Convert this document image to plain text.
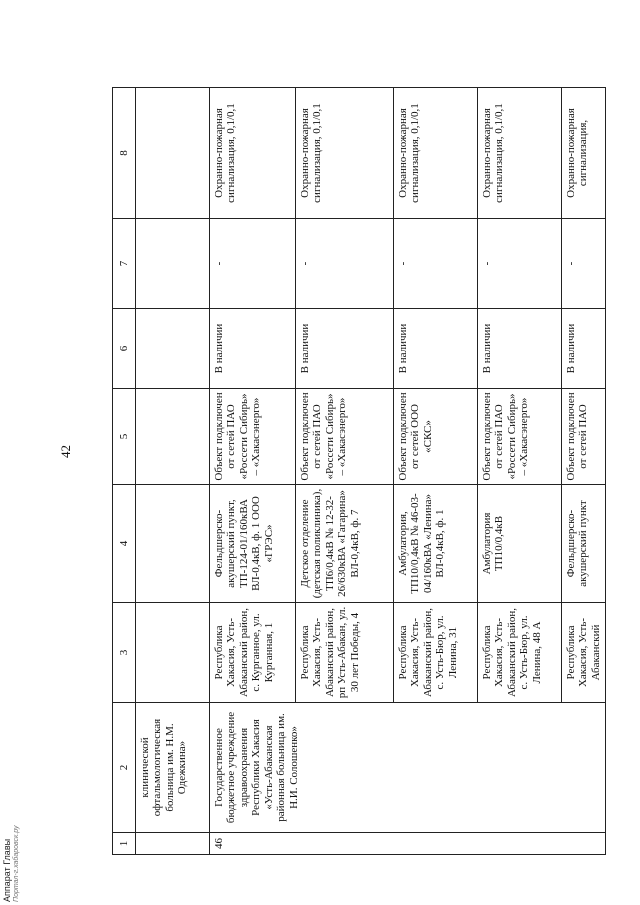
42
1	2	3	4	5	6	7	8
	клинической офтальмологическая больница им. Н.М. Одежкина»						
46	Государственное бюджетное учреждение здравоохранения Республики Хакасия «Усть-Абаканская районная больница им. Н.И. Солошенко»	Республика Хакасия, Усть-Абаканский район, с. Курганное, ул. Курганная, 1	Фельдшерско-акушерский пункт, ТП-124-01/160кВА ВЛ-0,4кВ, ф. 1 ООО «ГРЭС»	Объект подключен от сетей ПАО «Россети Сибирь» – «Хакасэнерго»	В наличии	-	Охранно-пожарная сигнализация, 0,1/0,1
		Республика Хакасия, Усть-Абаканский район, рп Усть-Абакан, ул. 30 лет Победы, 4	Детское отделение (детская поликлиника), ТП6/0,4кВ № 12-32-26/630кВА «Гагарина» ВЛ-0,4кВ, ф. 7	Объект подключен от сетей ПАО «Россети Сибирь» – «Хакасэнерго»	В наличии	-	Охранно-пожарная сигнализация, 0,1/0,1
		Республика Хакасия, Усть-Абаканский район, с. Усть-Бюр, ул. Ленина, 31	Амбулатория, ТП10/0,4кВ № 46-03-04/160кВА «Ленина» ВЛ-0,4кВ, ф. 1	Объект подключен от сетей ООО «СКС»	В наличии	-	Охранно-пожарная сигнализация, 0,1/0,1
		Республика Хакасия, Усть-Абаканский район, с. Усть-Бюр, ул. Ленина, 48 А	Амбулатория ТП10/0,4кВ	Объект подключен от сетей ПАО «Россети Сибирь» – «Хакасэнерго»	В наличии	-	Охранно-пожарная сигнализация, 0,1/0,1
		Республика Хакасия, Усть-Абаканский	Фельдшерско-акушерский пункт	Объект подключен от сетей ПАО	В наличии	-	Охранно-пожарная сигнализация,
Аппарат Главы Портал-г.хабаровск.ру
